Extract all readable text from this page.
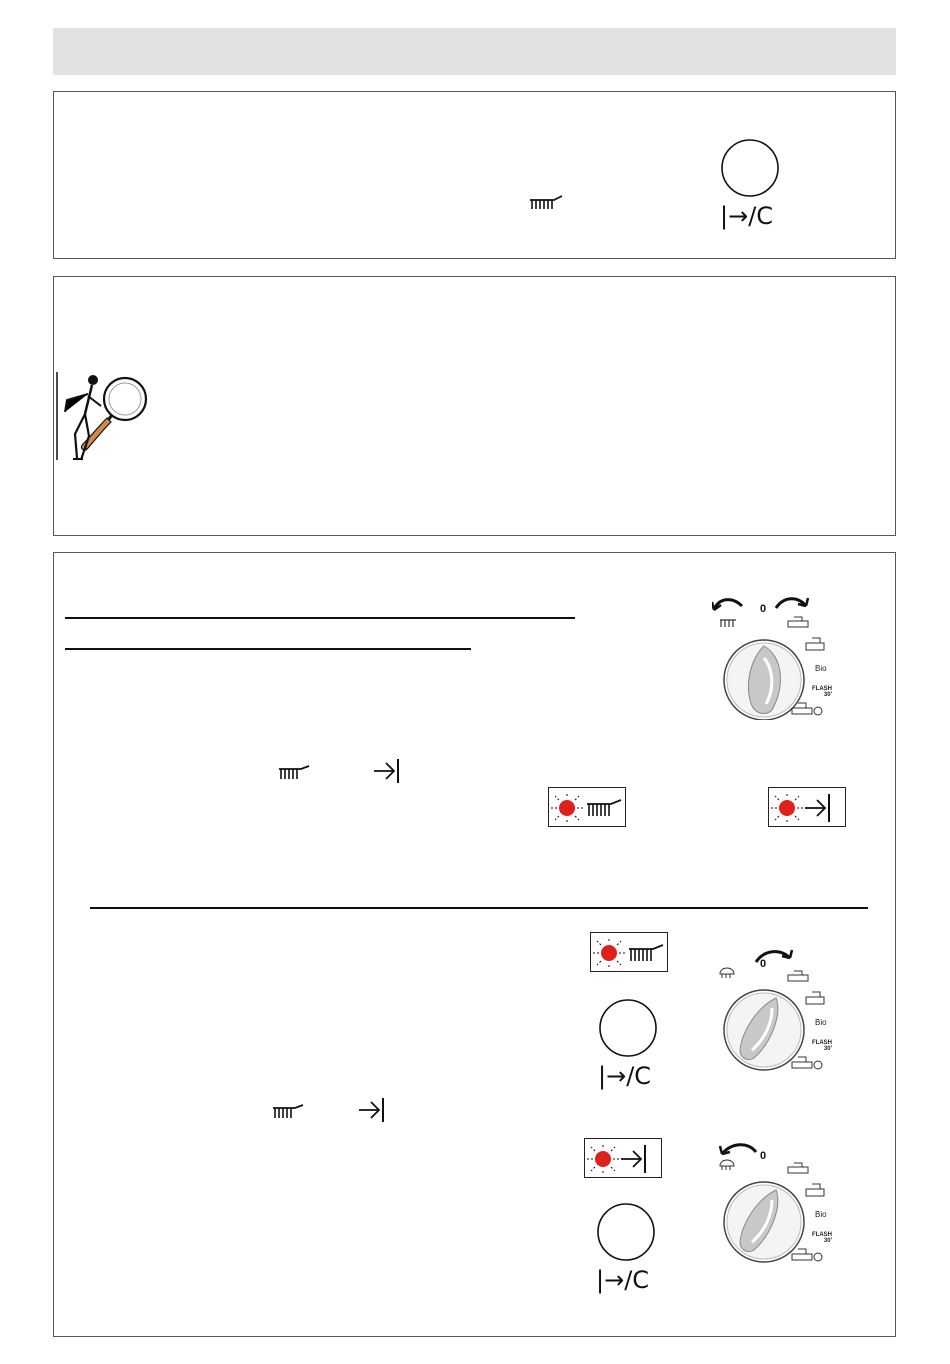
|→/C
0
Bio
FLASH
30'
|→/C
0
Bio
FLASH
30'
|→/C
0
Bio
FLASH
30'
